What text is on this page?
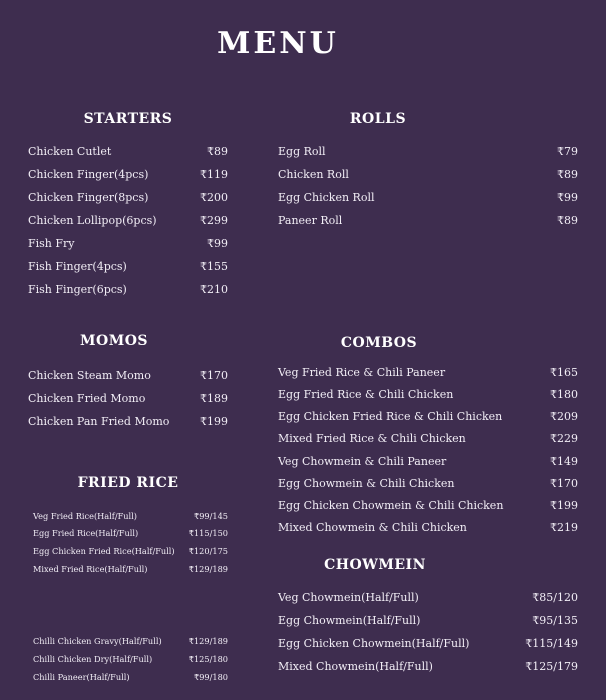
MENU
STARTERS	ROLLS
MOMOS	COMBOS
FRIED RICE
CHOWMEIN
Chicken Cutlet	₹89
Chicken Finger(4pcs)	₹119
Chicken Finger(8pcs)	₹200
Chicken Lollipop(6pcs)	₹299
Fish Fry	₹99
Fish Finger(4pcs)	₹155
Fish Finger(6pcs)	₹210
Egg Roll	₹79
Chicken Roll	₹89
Egg Chicken Roll	₹99
Paneer Roll	₹89
Chicken Steam Momo	₹170
Chicken Fried Momo	₹189
Chicken Pan Fried Momo	₹199
Veg Fried Rice & Chili Paneer	₹165
Egg Fried Rice & Chili Chicken	₹180
Egg Chicken Fried Rice & Chili Chicken	₹209
Mixed Fried Rice & Chili Chicken	₹229
Veg Chowmein & Chili Paneer	₹149
Egg Chowmein & Chili Chicken	₹170
Egg Chicken Chowmein & Chili Chicken	₹199
Mixed Chowmein & Chili Chicken	₹219
Veg Fried Rice(Half/Full)	₹99/145
Egg Fried Rice(Half/Full)	₹115/150
Egg Chicken Fried Rice(Half/Full) ₹120/175
Mixed Fried Rice(Half/Full)	₹129/189
Chilli Chicken Gravy(Half/Full)	₹129/189
Chilli Chicken Dry(Half/Full)	₹125/180
Chilli Paneer(Half/Full)	₹99/180
Veg Chowmein(Half/Full)	₹85/120
Egg Chowmein(Half/Full)	₹95/135
Egg Chicken Chowmein(Half/Full)	₹115/149
Mixed Chowmein(Half/Full)	₹125/179
